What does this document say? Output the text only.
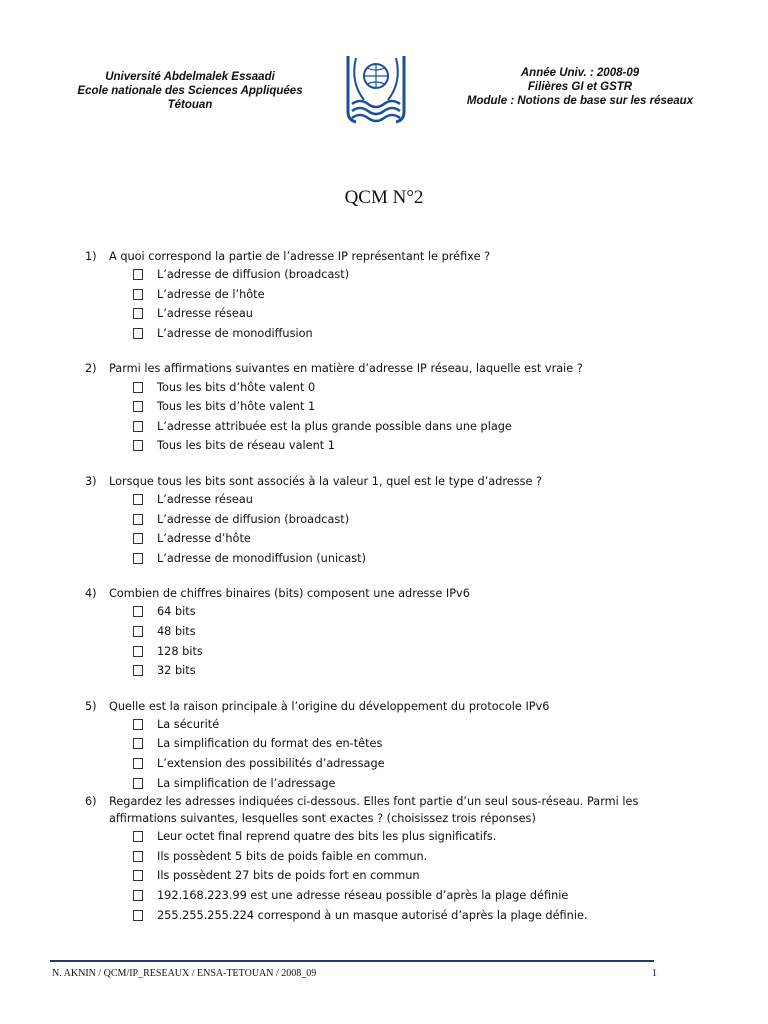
Université Abdelmalek Essaadi
Ecole nationale des Sciences Appliquées
Tétouan
Année Univ. : 2008-09
Filières GI et GSTR
Module : Notions de base sur les réseaux
QCM N°2
1)	A quoi correspond la partie de l’adresse IP représentant le préfixe ?
L’adresse de diffusion (broadcast)
L’adresse de l’hôte
L’adresse réseau
L’adresse de monodiffusion
2)	Parmi les affirmations suivantes en matière d’adresse IP réseau, laquelle est vraie ?
Tous les bits d’hôte valent 0
Tous les bits d’hôte valent 1
L’adresse attribuée est la plus grande possible dans une plage
Tous les bits de réseau valent 1
3)	Lorsque tous les bits sont associés à la valeur 1, quel est le type d’adresse ?
L’adresse réseau
L’adresse de diffusion (broadcast)
L’adresse d’hôte
L’adresse de monodiffusion (unicast)
4)	Combien de chiffres binaires (bits) composent une adresse IPv6
64 bits
48 bits
128 bits
32 bits
5)	Quelle est la raison principale à l’origine du développement du protocole IPv6
La sécurité
La simplification du format des en-têtes
L’extension des possibilités d’adressage
La simplification de l’adressage
6)	Regardez les adresses indiquées ci-dessous. Elles font partie d’un seul sous-réseau. Parmi les affirmations suivantes, lesquelles sont exactes ? (choisissez trois réponses)
Leur octet final reprend quatre des bits les plus significatifs.
Ils possèdent 5 bits de poids faible en commun.
Ils possèdent 27 bits de poids fort en commun
192.168.223.99 est une adresse réseau possible d’après la plage définie
255.255.255.224 correspond à un masque autorisé d’après la plage définie.
N. AKNIN / QCM/IP_RESEAUX / ENSA-TETOUAN / 2008_09	1
